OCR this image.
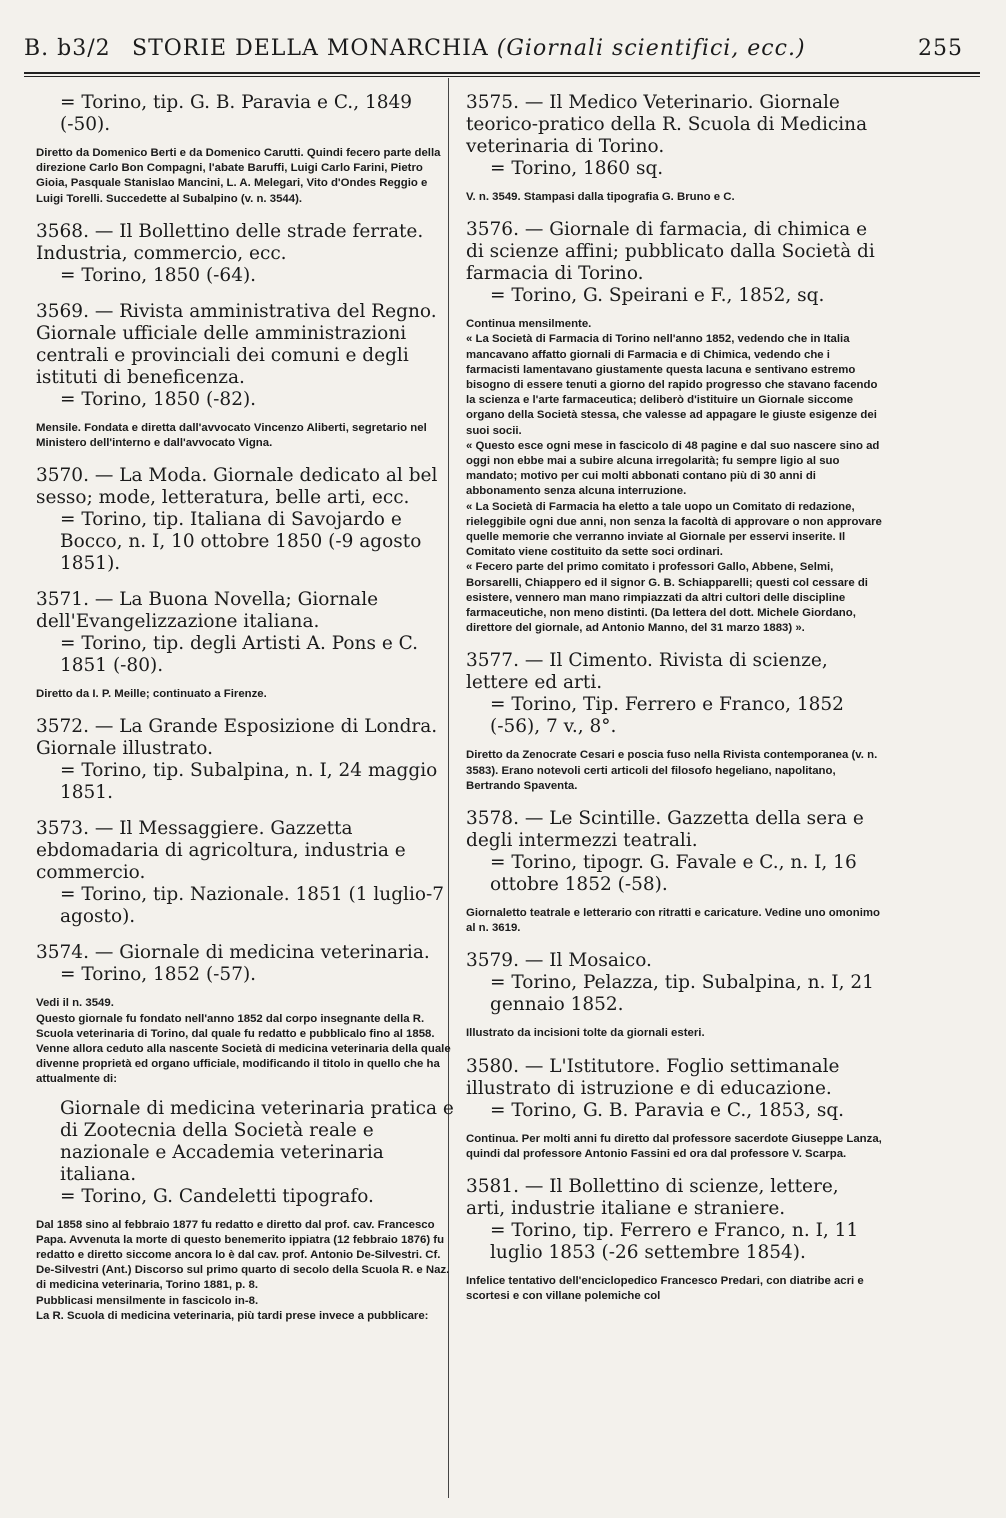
B. b3/2 STORIE DELLA MONARCHIA (Giornali scientifici, ecc.)	255

= Torino, tip. G. B. Paravia e C., 1849 (-50).

Diretto da Domenico Berti e da Domenico Carutti. Quindi fecero parte della direzione Carlo Bon Compagni, l'abate Baruffi, Luigi Carlo Farini, Pietro Gioia, Pasquale Stanislao Mancini, L. A. Melegari, Vito d'Ondes Reggio e Luigi Torelli. Succedette al Subalpino (v. n. 3544).

3568. — Il Bollettino delle strade ferrate. Industria, commercio, ecc.

= Torino, 1850 (-64).

3569. — Rivista amministrativa del Regno. Giornale ufficiale delle amministrazioni centrali e provinciali dei comuni e degli istituti di beneficenza.

= Torino, 1850 (-82).

Mensile. Fondata e diretta dall'avvocato Vincenzo Aliberti, segretario nel Ministero dell'interno e dall'avvocato Vigna.

3570. — La Moda. Giornale dedicato al bel sesso; mode, letteratura, belle arti, ecc.

= Torino, tip. Italiana di Savojardo e Bocco, n. I, 10 ottobre 1850 (-9 agosto 1851).

3571. — La Buona Novella; Giornale dell'Evangelizzazione italiana.

= Torino, tip. degli Artisti A. Pons e C. 1851 (-80).

Diretto da I. P. Meille; continuato a Firenze.

3572. — La Grande Esposizione di Londra. Giornale illustrato.

= Torino, tip. Subalpina, n. I, 24 maggio 1851.

3573. — Il Messaggiere. Gazzetta ebdomadaria di agricoltura, industria e commercio.

= Torino, tip. Nazionale. 1851 (1 luglio-7 agosto).

3574. — Giornale di medicina veterinaria.

= Torino, 1852 (-57).

Vedi il n. 3549.

Questo giornale fu fondato nell'anno 1852 dal corpo insegnante della R. Scuola veterinaria di Torino, dal quale fu redatto e pubblicalo fino al 1858. Venne allora ceduto alla nascente Società di medicina veterinaria della quale divenne proprietà ed organo ufficiale, modificando il titolo in quello che ha attualmente di:

Giornale di medicina veterinaria pratica e di Zootecnia della Società reale e nazionale e Accademia veterinaria italiana.

= Torino, G. Candeletti tipografo.

Dal 1858 sino al febbraio 1877 fu redatto e diretto dal prof. cav. Francesco Papa. Avvenuta la morte di questo benemerito ippiatra (12 febbraio 1876) fu redatto e diretto siccome ancora lo è dal cav. prof. Antonio De-Silvestri. Cf. De-Silvestri (Ant.) Discorso sul primo quarto di secolo della Scuola R. e Naz. di medicina veterinaria, Torino 1881, p. 8.

Pubblicasi mensilmente in fascicolo in-8.

La R. Scuola di medicina veterinaria, più tardi prese invece a pubblicare:

3575. — Il Medico Veterinario. Giornale teorico-pratico della R. Scuola di Medicina veterinaria di Torino.

= Torino, 1860 sq.

V. n. 3549. Stampasi dalla tipografia G. Bruno e C.

3576. — Giornale di farmacia, di chimica e di scienze affini; pubblicato dalla Società di farmacia di Torino.

= Torino, G. Speirani e F., 1852, sq.

Continua mensilmente.

« La Società di Farmacia di Torino nell'anno 1852, vedendo che in Italia mancavano affatto giornali di Farmacia e di Chimica, vedendo che i farmacisti lamentavano giustamente questa lacuna e sentivano estremo bisogno di essere tenuti a giorno del rapido progresso che stavano facendo la scienza e l'arte farmaceutica; deliberò d'istituire un Giornale siccome organo della Società stessa, che valesse ad appagare le giuste esigenze dei suoi socii.

« Questo esce ogni mese in fascicolo di 48 pagine e dal suo nascere sino ad oggi non ebbe mai a subire alcuna irregolarità; fu sempre ligio al suo mandato; motivo per cui molti abbonati contano più di 30 anni di abbonamento senza alcuna interruzione.

« La Società di Farmacia ha eletto a tale uopo un Comitato di redazione, rieleggibile ogni due anni, non senza la facoltà di approvare o non approvare quelle memorie che verranno inviate al Giornale per esservi inserite. Il Comitato viene costituito da sette soci ordinari.

« Fecero parte del primo comitato i professori Gallo, Abbene, Selmi, Borsarelli, Chiappero ed il signor G. B. Schiapparelli; questi col cessare di esistere, vennero man mano rimpiazzati da altri cultori delle discipline farmaceutiche, non meno distinti. (Da lettera del dott. Michele Giordano, direttore del giornale, ad Antonio Manno, del 31 marzo 1883) ».

3577. — Il Cimento. Rivista di scienze, lettere ed arti.

= Torino, Tip. Ferrero e Franco, 1852 (-56), 7 v., 8°.

Diretto da Zenocrate Cesari e poscia fuso nella Rivista contemporanea (v. n. 3583). Erano notevoli certi articoli del filosofo hegeliano, napolitano, Bertrando Spaventa.

3578. — Le Scintille. Gazzetta della sera e degli intermezzi teatrali.

= Torino, tipogr. G. Favale e C., n. I, 16 ottobre 1852 (-58).

Giornaletto teatrale e letterario con ritratti e caricature. Vedine uno omonimo al n. 3619.

3579. — Il Mosaico.

= Torino, Pelazza, tip. Subalpina, n. I, 21 gennaio 1852.

Illustrato da incisioni tolte da giornali esteri.

3580. — L'Istitutore. Foglio settimanale illustrato di istruzione e di educazione.

= Torino, G. B. Paravia e C., 1853, sq.

Continua. Per molti anni fu diretto dal professore sacerdote Giuseppe Lanza, quindi dal professore Antonio Fassini ed ora dal professore V. Scarpa.

3581. — Il Bollettino di scienze, lettere, arti, industrie italiane e straniere.

= Torino, tip. Ferrero e Franco, n. I, 11 luglio 1853 (-26 settembre 1854).

Infelice tentativo dell'enciclopedico Francesco Predari, con diatribe acri e scortesi e con villane polemiche col
